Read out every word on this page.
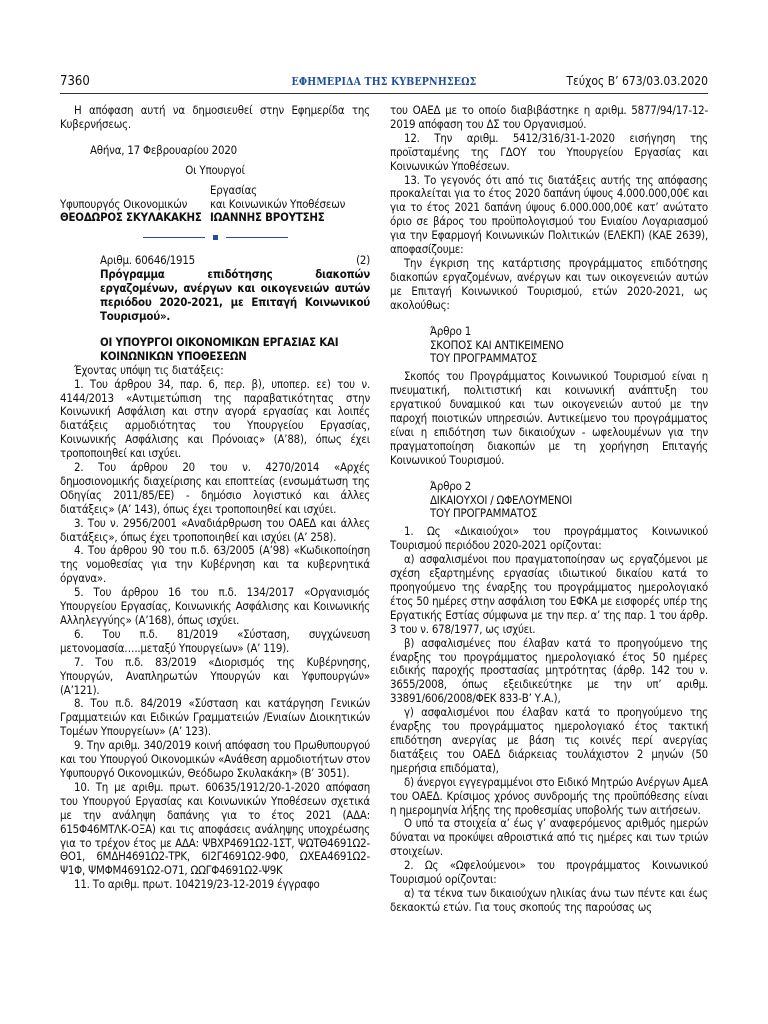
7360	ΕΦΗΜΕΡΙΔΑ ΤΗΣ ΚΥΒΕΡΝΗΣΕΩΣ	Τεύχος B’ 673/03.03.2020

Η απόφαση αυτή να δημοσιευθεί στην Εφημερίδα της Κυβερνήσεως.

Αθήνα, 17 Φεβρουαρίου 2020

Οι Υπουργοί

Εργασίας
Υφυπουργός Οικονομικών	και Κοινωνικών Υποθέσεων
ΘΕΟΔΩΡΟΣ ΣΚΥΛΑΚΑΚΗΣ ΙΩΑΝΝΗΣ ΒΡΟΥΤΣΗΣ
Αριθμ. 60646/1915	(2)

Πρόγραμμα επιδότησης διακοπών εργαζομένων, ανέργων και οικογενειών αυτών περιόδου 2020-2021, με Επιταγή Κοινωνικού Τουρισμού».

ΟΙ ΥΠΟΥΡΓΟΙ ΟΙΚΟΝΟΜΙΚΩΝ ΕΡΓΑΣΙΑΣ ΚΑΙ ΚΟΙΝΩΝΙΚΩΝ ΥΠΟΘΕΣΕΩΝ

Έχοντας υπόψη τις διατάξεις:

1. Του άρθρου 34, παρ. 6, περ. β), υποπερ. εε) του ν. 4144/2013 «Αντιμετώπιση της παραβατικότητας στην Κοινωνική Ασφάλιση και στην αγορά εργασίας και λοιπές διατάξεις αρμοδιότητας του Υπουργείου Εργασίας, Κοινωνικής Ασφάλισης και Πρόνοιας» (Α’88), όπως έχει τροποποιηθεί και ισχύει.

2. Του άρθρου 20 του ν. 4270/2014 «Αρχές δημοσιονομικής διαχείρισης και εποπτείας (ενσωμάτωση της Οδηγίας 2011/85/ΕΕ) - δημόσιο λογιστικό και άλλες διατάξεις» (Α’ 143), όπως έχει τροποποιηθεί και ισχύει.

3. Του ν. 2956/2001 «Αναδιάρθρωση του ΟΑΕΔ και άλλες διατάξεις», όπως έχει τροποποιηθεί και ισχύει (Α’ 258).

4. Του άρθρου 90 του π.δ. 63/2005 (Α’98) «Κωδικοποίηση της νομοθεσίας για την Κυβέρνηση και τα κυβερνητικά όργανα».

5. Του άρθρου 16 του π.δ. 134/2017 «Οργανισμός Υπουργείου Εργασίας, Κοινωνικής Ασφάλισης και Κοινωνικής Αλληλεγγύης» (Α’168), όπως ισχύει.

6. Του π.δ. 81/2019 «Σύσταση, συγχώνευση μετονομασία…..μεταξύ Υπουργείων» (Α’ 119).

7. Του π.δ. 83/2019 «Διορισμός της Κυβέρνησης, Υπουργών, Αναπληρωτών Υπουργών και Υφυπουργών» (Α’121).

8. Του π.δ. 84/2019 «Σύσταση και κατάργηση Γενικών Γραμματειών και Ειδικών Γραμματειών /Ενιαίων Διοικητικών Τομέων Υπουργείων» (Α’ 123).

9. Την αριθμ. 340/2019 κοινή απόφαση του Πρωθυπουργού και του Υπουργού Οικονομικών «Ανάθεση αρμοδιοτήτων στον Υφυπουργό Οικονομικών, Θεόδωρο Σκυλακάκη» (Β’ 3051).

10. Τη με αριθμ. πρωτ. 60635/1912/20-1-2020 απόφαση του Υπουργού Εργασίας και Κοινωνικών Υποθέσεων σχετικά με την ανάληψη δαπάνης για το έτος 2021 (ΑΔΑ: 615Φ46ΜΤΛΚ-ΟΞΑ) και τις αποφάσεις ανάληψης υποχρέωσης για το τρέχον έτος με ΑΔΑ: ΨΒΧΡ4691Ω2-1ΣΤ, ΨΩΤΘ4691Ω2-ΘΟ1, 6ΜΔΗ4691Ω2-ΤΡΚ, 6Ι2Γ4691Ω2-9Φ0, ΩΧΕΑ4691Ω2-Ψ1Φ, ΨΜΦΜ4691Ω2-Ο71, ΩΩΓΦ4691Ω2-Ψ9Κ

11. Το αριθμ. πρωτ. 104219/23-12-2019 έγγραφο

του ΟΑΕΔ με το οποίο διαβιβάστηκε η αριθμ. 5877/94/17-12-2019 απόφαση του ΔΣ του Οργανισμού.

12. Την αριθμ. 5412/316/31-1-2020 εισήγηση της προϊσταμένης της ΓΔΟΥ του Υπουργείου Εργασίας και Κοινωνικών Υποθέσεων.

13. Το γεγονός ότι από τις διατάξεις αυτής της απόφασης προκαλείται για το έτος 2020 δαπάνη ύψους 4.000.000,00€ και για το έτος 2021 δαπάνη ύψους 6.000.000,00€ κατ’ ανώτατο όριο σε βάρος του προϋπολογισμού του Ενιαίου Λογαριασμού για την Εφαρμογή Κοινωνικών Πολιτικών (ΕΛΕΚΠ) (ΚΑΕ 2639), αποφασίζουμε:

Την έγκριση της κατάρτισης προγράμματος επιδότησης διακοπών εργαζομένων, ανέργων και των οικογενειών αυτών με Επιταγή Κοινωνικού Τουρισμού, ετών 2020-2021, ως ακολούθως:

Άρθρο 1

ΣΚΟΠΟΣ ΚΑΙ ΑΝΤΙΚΕΙΜΕΝΟ

ΤΟΥ ΠΡΟΓΡΑΜΜΑΤΟΣ

Σκοπός του Προγράμματος Κοινωνικού Τουρισμού είναι η πνευματική, πολιτιστική και κοινωνική ανάπτυξη του εργατικού δυναμικού και των οικογενειών αυτού με την παροχή ποιοτικών υπηρεσιών. Αντικείμενο του προγράμματος είναι η επιδότηση των δικαιούχων - ωφελουμένων για την πραγματοποίηση διακοπών με τη χορήγηση Επιταγής Κοινωνικού Τουρισμού.

Άρθρο 2

ΔΙΚΑΙΟΥΧΟΙ / ΩΦΕΛΟΥΜΕΝΟΙ

ΤΟΥ ΠΡΟΓΡΑΜΜΑΤΟΣ

1. Ως «Δικαιούχοι» του προγράμματος Κοινωνικού Τουρισμού περιόδου 2020-2021 ορίζονται:

α) ασφαλισμένοι που πραγματοποίησαν ως εργαζόμενοι με σχέση εξαρτημένης εργασίας ιδιωτικού δικαίου κατά το προηγούμενο της έναρξης του προγράμματος ημερολογιακό έτος 50 ημέρες στην ασφάλιση του ΕΦΚΑ με εισφορές υπέρ της Εργατικής Εστίας σύμφωνα με την περ. α’ της παρ. 1 του άρθρ. 3 του ν. 678/1977, ως ισχύει.

β) ασφαλισμένες που έλαβαν κατά το προηγούμενο της έναρξης του προγράμματος ημερολογιακό έτος 50 ημέρες ειδικής παροχής προστασίας μητρότητας (άρθρ. 142 του ν. 3655/2008, όπως εξειδικεύτηκε με την υπ’ αριθμ. 33891/606/2008/ΦΕΚ 833-Β’ Υ.Α.),

γ) ασφαλισμένοι που έλαβαν κατά το προηγούμενο της έναρξης του προγράμματος ημερολογιακό έτος τακτική επιδότηση ανεργίας με βάση τις κοινές περί ανεργίας διατάξεις του ΟΑΕΔ διάρκειας τουλάχιστον 2 μηνών (50 ημερήσια επιδόματα),

δ) άνεργοι εγγεγραμμένοι στο Ειδικό Μητρώο Ανέργων ΑμεΑ του ΟΑΕΔ. Κρίσιμος χρόνος συνδρομής της προϋπόθεσης είναι η ημερομηνία λήξης της προθεσμίας υποβολής των αιτήσεων.

Ο υπό τα στοιχεία α’ έως γ’ αναφερόμενος αριθμός ημερών δύναται να προκύψει αθροιστικά από τις ημέρες και των τριών στοιχείων.

2. Ως «Ωφελούμενοι» του προγράμματος Κοινωνικού Τουρισμού ορίζονται:

α) τα τέκνα των δικαιούχων ηλικίας άνω των πέντε και έως δεκαοκτώ ετών. Για τους σκοπούς της παρούσας ως
